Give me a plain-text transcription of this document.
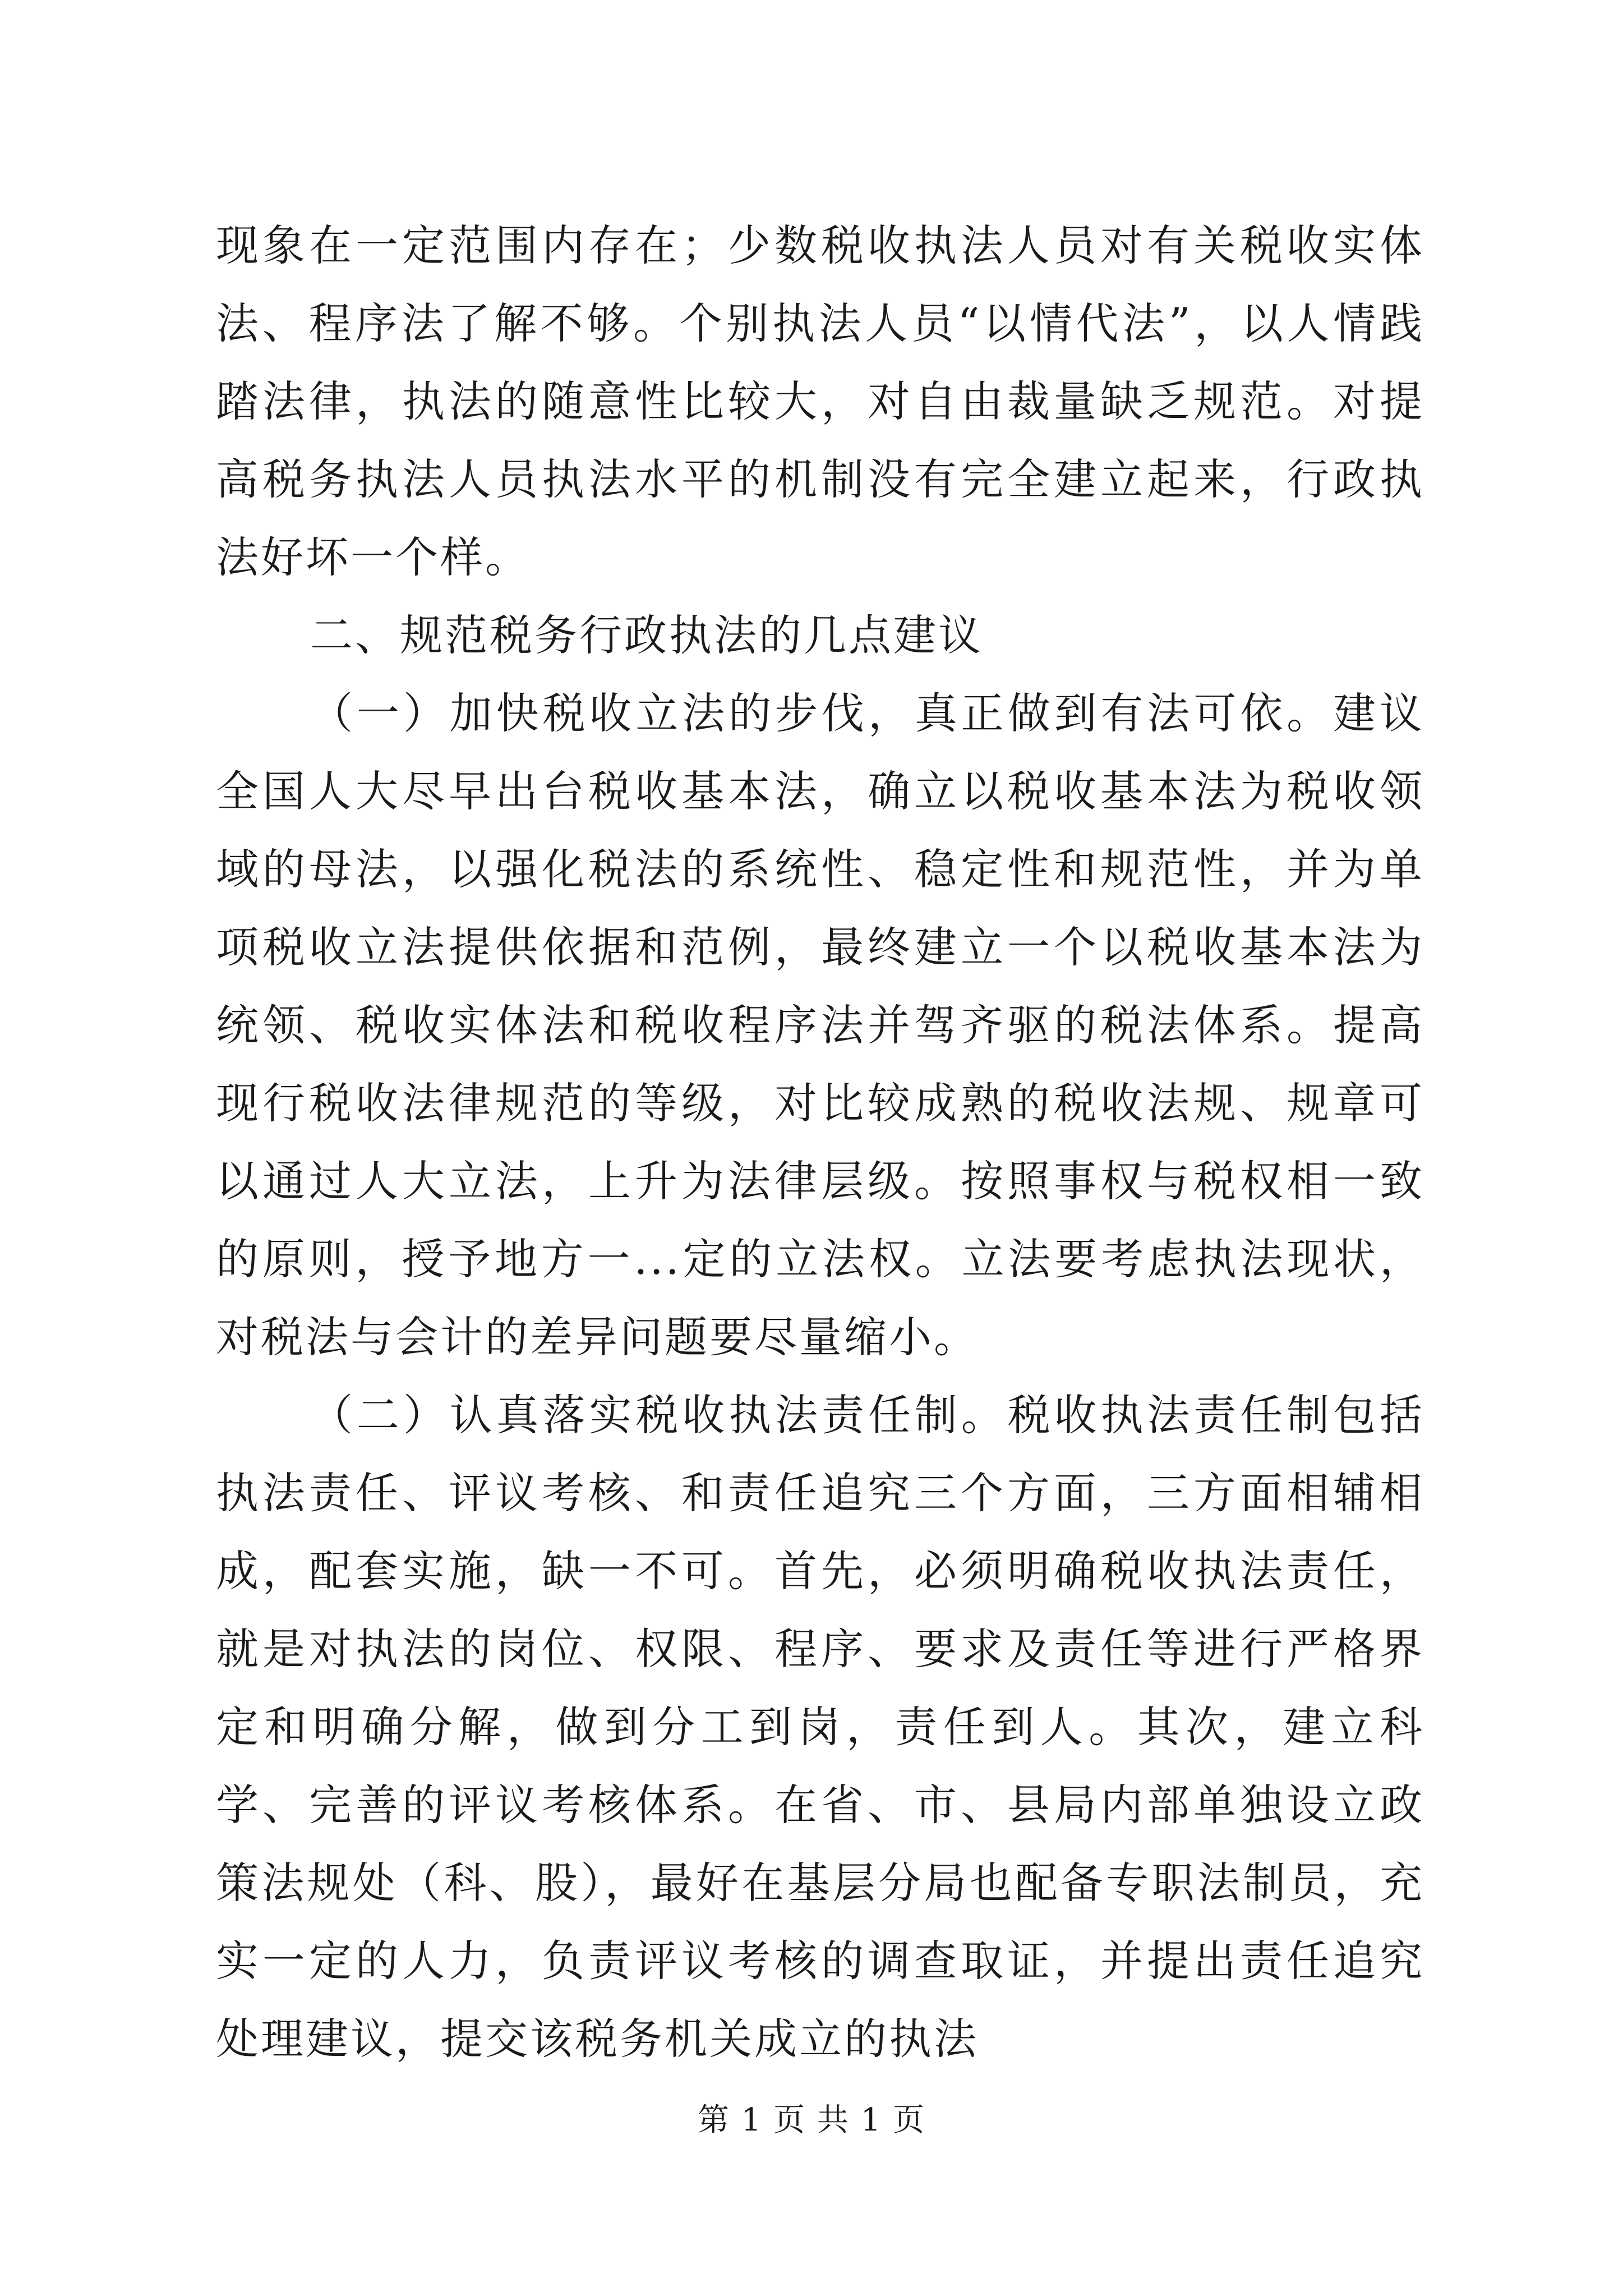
现象在一定范围内存在；少数税收执法人员对有关税收实体法、程序法了解不够。个别执法人员“以情代法”，以人情践踏法律，执法的随意性比较大，对自由裁量缺乏规范。对提高税务执法人员执法水平的机制没有完全建立起来，行政执法好坏一个样。

二、规范税务行政执法的几点建议

（一）加快税收立法的步伐，真正做到有法可依。建议全国人大尽早出台税收基本法，确立以税收基本法为税收领域的母法，以强化税法的系统性、稳定性和规范性，并为单项税收立法提供依据和范例，最终建立一个以税收基本法为统领、税收实体法和税收程序法并驾齐驱的税法体系。提高现行税收法律规范的等级，对比较成熟的税收法规、规章可以通过人大立法，上升为法律层级。按照事权与税权相一致的原则，授予地方一...定的立法权。立法要考虑执法现状，对税法与会计的差异问题要尽量缩小。

（二）认真落实税收执法责任制。税收执法责任制包括执法责任、评议考核、和责任追究三个方面，三方面相辅相成，配套实施，缺一不可。首先，必须明确税收执法责任，就是对执法的岗位、权限、程序、要求及责任等进行严格界定和明确分解，做到分工到岗，责任到人。其次，建立科学、完善的评议考核体系。在省、市、县局内部单独设立政策法规处（科、股），最好在基层分局也配备专职法制员，充实一定的人力，负责评议考核的调查取证，并提出责任追究处理建议，提交该税务机关成立的执法

第 1 页 共 1 页
